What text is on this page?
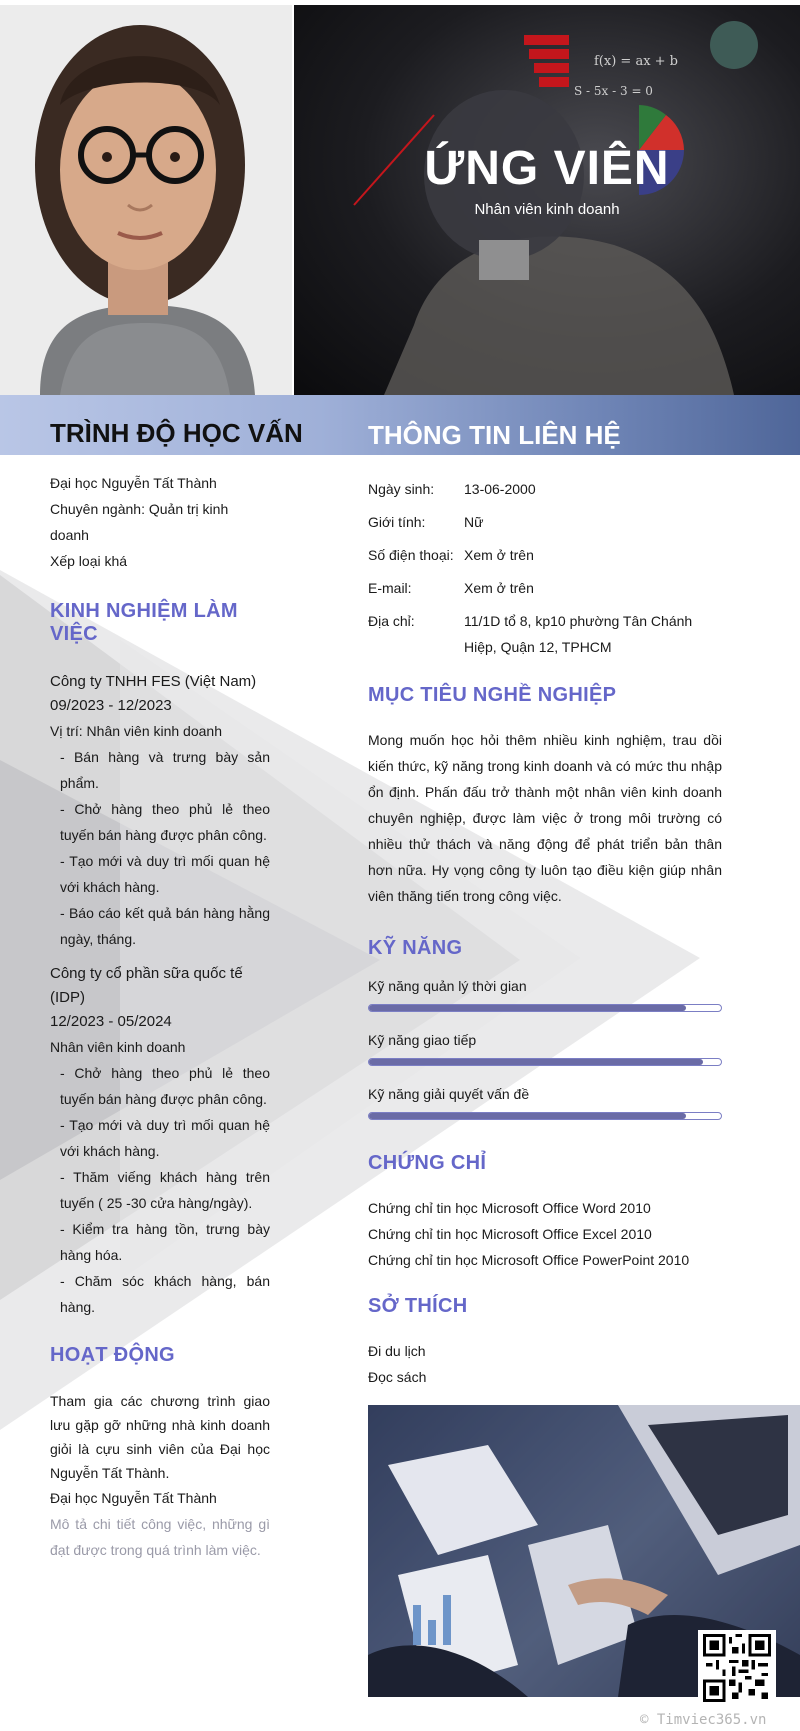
f(x) = ax + b
S - 5x - 3 = 0
ỨNG VIÊN
Nhân viên kinh doanh
TRÌNH ĐỘ HỌC VẤN	THÔNG TIN LIÊN HỆ
Đại học Nguyễn Tất Thành
Chuyên ngành: Quản trị kinh doanh
Xếp loại khá
KINH NGHIỆM LÀM VIỆC
Công ty TNHH FES (Việt Nam)
09/2023 - 12/2023
Vị trí: Nhân viên kinh doanh
- Bán hàng và trưng bày sản phẩm.
- Chở hàng theo phủ lẻ theo tuyến bán hàng được phân công.
- Tạo mới và duy trì mối quan hệ với khách hàng.
- Báo cáo kết quả bán hàng hằng ngày, tháng.
Công ty cổ phần sữa quốc tế (IDP)
12/2023 - 05/2024
Nhân viên kinh doanh
- Chở hàng theo phủ lẻ theo tuyến bán hàng được phân công.
- Tạo mới và duy trì mối quan hệ với khách hàng.
- Thăm viếng khách hàng trên tuyến ( 25 -30 cửa hàng/ngày).
- Kiểm tra hàng tồn, trưng bày hàng hóa.
- Chăm sóc khách hàng, bán hàng.
HOẠT ĐỘNG
Tham gia các chương trình giao lưu gặp gỡ những nhà kinh doanh giỏi là cựu sinh viên của Đại học Nguyễn Tất Thành.
Đại học Nguyễn Tất Thành
Mô tả chi tiết công việc, những gì đạt được trong quá trình làm việc.
Ngày sinh:	13-06-2000
Giới tính:	Nữ
Số điện thoại: Xem ở trên
E-mail:	Xem ở trên
Địa chỉ:	11/1D tổ 8, kp10 phường Tân Chánh Hiệp, Quận 12, TPHCM
MỤC TIÊU NGHỀ NGHIỆP
Mong muốn học hỏi thêm nhiều kinh nghiệm, trau dồi kiến thức, kỹ năng trong kinh doanh và có mức thu nhập ổn định. Phấn đấu trở thành một nhân viên kinh doanh chuyên nghiệp, được làm việc ở trong môi trường có nhiều thử thách và năng động để phát triển bản thân hơn nữa. Hy vọng công ty luôn tạo điều kiện giúp nhân viên thăng tiến trong công việc.
KỸ NĂNG
Kỹ năng quản lý thời gian
Kỹ năng giao tiếp
Kỹ năng giải quyết vấn đề
CHỨNG CHỈ
Chứng chỉ tin học Microsoft Office Word 2010
Chứng chỉ tin học Microsoft Office Excel 2010
Chứng chỉ tin học Microsoft Office PowerPoint 2010
SỞ THÍCH
Đi du lịch
Đọc sách
© Timviec365.vn
